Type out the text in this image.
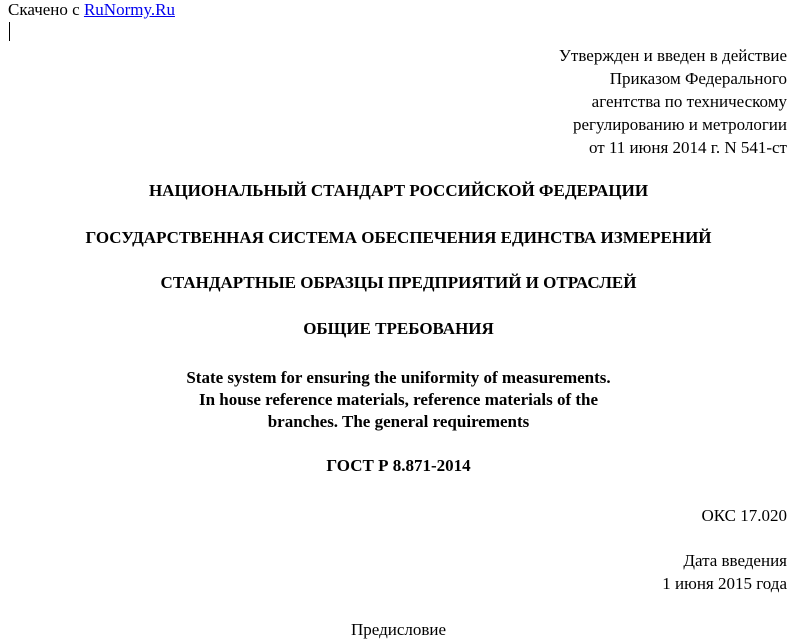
Скачено с RuNormy.Ru
Утвержден и введен в действие
Приказом Федерального
агентства по техническому
регулированию и метрологии
от 11 июня 2014 г. N 541-ст
НАЦИОНАЛЬНЫЙ СТАНДАРТ РОССИЙСКОЙ ФЕДЕРАЦИИ
ГОСУДАРСТВЕННАЯ СИСТЕМА ОБЕСПЕЧЕНИЯ ЕДИНСТВА ИЗМЕРЕНИЙ
СТАНДАРТНЫЕ ОБРАЗЦЫ ПРЕДПРИЯТИЙ И ОТРАСЛЕЙ
ОБЩИЕ ТРЕБОВАНИЯ
State system for ensuring the uniformity of measurements.
In house reference materials, reference materials of the
branches. The general requirements
ГОСТ Р 8.871-2014
ОКС 17.020
Дата введения
1 июня 2015 года
Предисловие
